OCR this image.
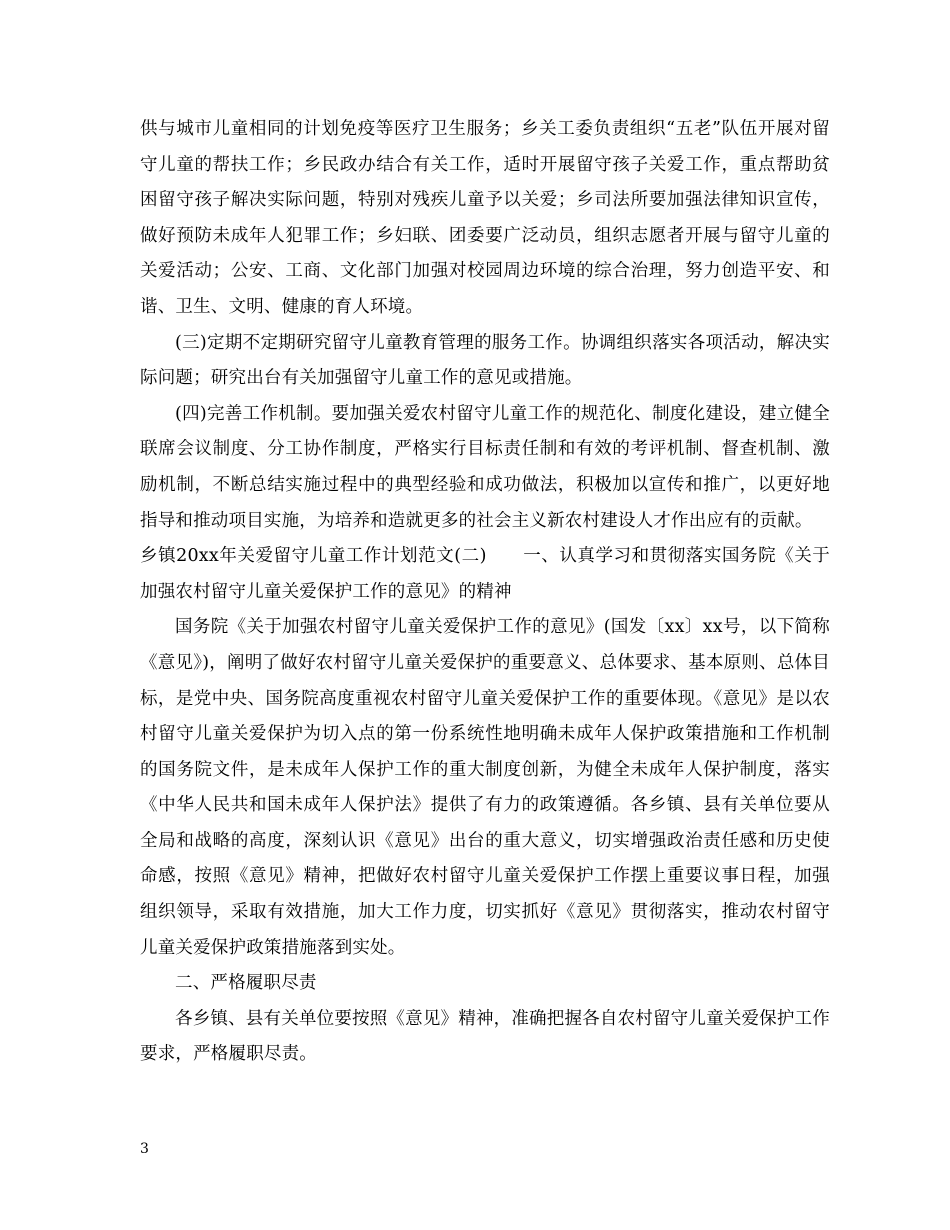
供与城市儿童相同的计划免疫等医疗卫生服务；乡关工委负责组织“五老”队伍开展对留守儿童的帮扶工作；乡民政办结合有关工作，适时开展留守孩子关爱工作，重点帮助贫困留守孩子解决实际问题，特别对残疾儿童予以关爱；乡司法所要加强法律知识宣传，做好预防未成年人犯罪工作；乡妇联、团委要广泛动员，组织志愿者开展与留守儿童的关爱活动；公安、工商、文化部门加强对校园周边环境的综合治理，努力创造平安、和谐、卫生、文明、健康的育人环境。

(三)定期不定期研究留守儿童教育管理的服务工作。协调组织落实各项活动，解决实际问题；研究出台有关加强留守儿童工作的意见或措施。

(四)完善工作机制。要加强关爱农村留守儿童工作的规范化、制度化建设，建立健全联席会议制度、分工协作制度，严格实行目标责任制和有效的考评机制、督查机制、激励机制，不断总结实施过程中的典型经验和成功做法，积极加以宣传和推广，以更好地指导和推动项目实施，为培养和造就更多的社会主义新农村建设人才作出应有的贡献。

乡镇20xx年关爱留守儿童工作计划范文(二)　　一、认真学习和贯彻落实国务院《关于加强农村留守儿童关爱保护工作的意见》的精神

国务院《关于加强农村留守儿童关爱保护工作的意见》(国发〔xx〕xx号，以下简称《意见》)，阐明了做好农村留守儿童关爱保护的重要意义、总体要求、基本原则、总体目标，是党中央、国务院高度重视农村留守儿童关爱保护工作的重要体现。《意见》是以农村留守儿童关爱保护为切入点的第一份系统性地明确未成年人保护政策措施和工作机制的国务院文件，是未成年人保护工作的重大制度创新，为健全未成年人保护制度，落实《中华人民共和国未成年人保护法》提供了有力的政策遵循。各乡镇、县有关单位要从全局和战略的高度，深刻认识《意见》出台的重大意义，切实增强政治责任感和历史使命感，按照《意见》精神，把做好农村留守儿童关爱保护工作摆上重要议事日程，加强组织领导，采取有效措施，加大工作力度，切实抓好《意见》贯彻落实，推动农村留守儿童关爱保护政策措施落到实处。

二、严格履职尽责

各乡镇、县有关单位要按照《意见》精神，准确把握各自农村留守儿童关爱保护工作要求，严格履职尽责。

3
